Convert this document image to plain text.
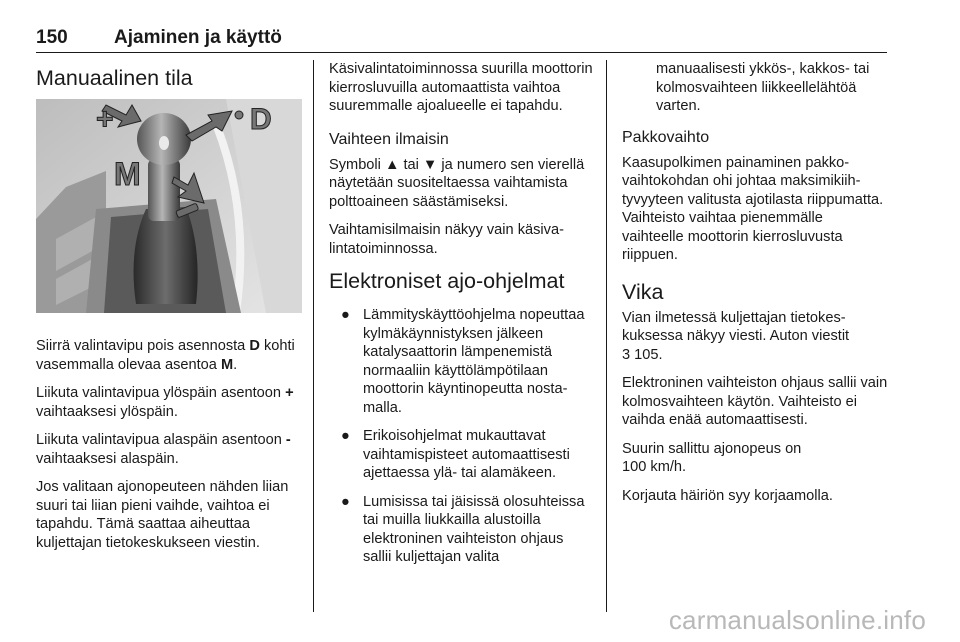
150 Ajaminen ja käyttö
Manuaalinen tila
+	D
M

Siirrä valintavipu pois asennosta D kohti vasemmalla olevaa asentoa M.

Liikuta valintavipua ylöspäin asentoon + vaihtaaksesi ylöspäin.

Liikuta valintavipua alaspäin asentoon - vaihtaaksesi alaspäin.

Jos valitaan ajonopeuteen nähden liian suuri tai liian pieni vaihde, vaihtoa ei tapahdu. Tämä saattaa aiheuttaa kuljettajan tietokeskukseen viestin.

Käsivalintatoiminnossa suurilla moottorin kierrosluvuilla automaattista vaihtoa suuremmalle ajoalueelle ei tapahdu.

Vaihteen ilmaisin

Symboli ▲ tai ▼ ja numero sen vierellä näytetään suositeltaessa vaihtamista polttoaineen säästämiseksi.

Vaihtamisilmaisin näkyy vain käsivalintatoiminnossa.

Elektroniset ajo-ohjelmat
● Lämmityskäyttöohjelma nopeuttaa kylmäkäynnistyksen jälkeen katalysaattorin lämpenemistä normaaliin käyttölämpötilaan moottorin käyntinopeutta nostamalla.
● Erikoisohjelmat mukauttavat vaihtamispisteet automaattisesti ajettaessa ylä- tai alamäkeen.
● Lumisissa tai jäisissä olosuhteissa tai muilla liukkailla alustoilla elektroninen vaihteiston ohjaus sallii kuljettajan valita

manuaalisesti ykkös-, kakkos- tai kolmosvaihteen liikkeellelähtöä varten.

Pakkovaihto

Kaasupolkimen painaminen pakkovaihtokohdan ohi johtaa maksimikiihtyvyyteen valitusta ajotilasta riippumatta. Vaihteisto vaihtaa pienemmälle vaihteelle moottorin kierrosluvusta riippuen.

Vika

Vian ilmetessä kuljettajan tietokeskuksessa näkyy viesti. Auton viestit
3 105.

Elektroninen vaihteiston ohjaus sallii vain kolmosvaihteen käytön. Vaihteisto ei vaihda enää automaattisesti.

Suurin sallittu ajonopeus on
100 km/h.

Korjauta häiriön syy korjaamolla.

carmanualsonline.info
